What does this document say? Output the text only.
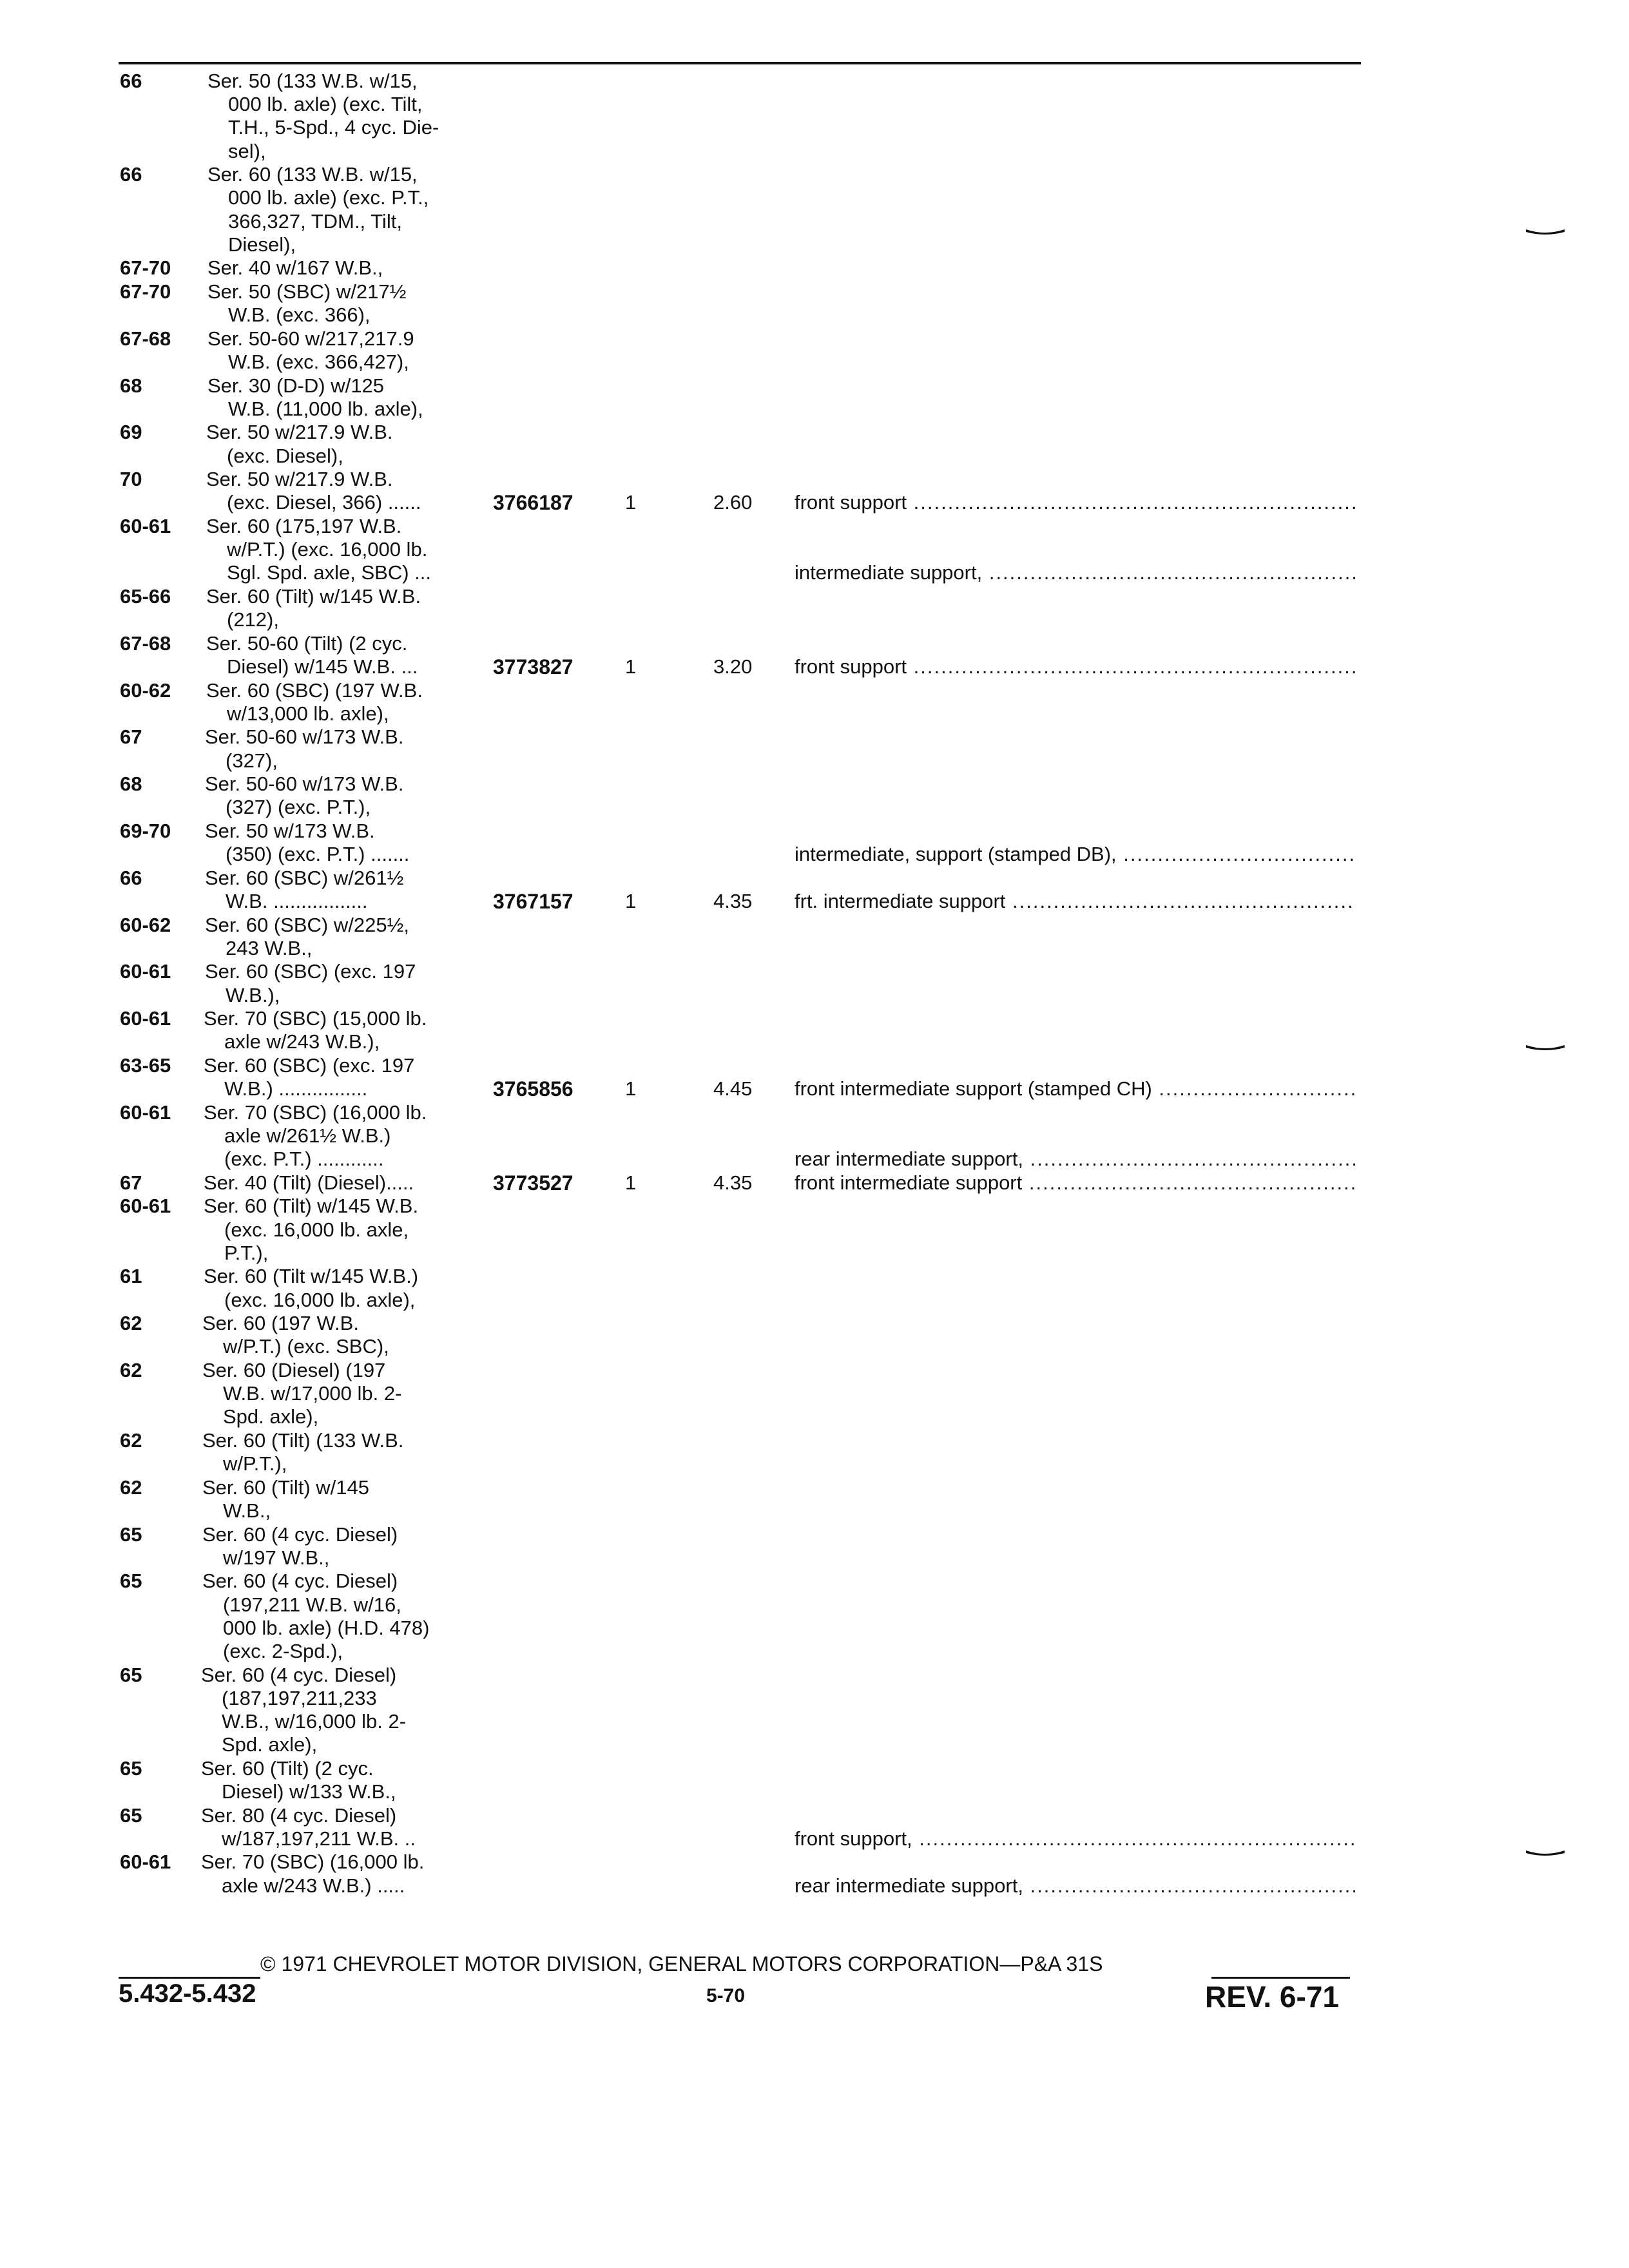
66	Ser. 50 (133 W.B. w/15,
000 lb. axle) (exc. Tilt,
T.H., 5-Spd., 4 cyc. Die-
sel),
66	Ser. 60 (133 W.B. w/15,
000 lb. axle) (exc. P.T.,
366,327, TDM., Tilt,
Diesel),
67-70	Ser. 40 w/167 W.B.,
67-70	Ser. 50 (SBC) w/217½
W.B. (exc. 366),
67-68	Ser. 50-60 w/217,217.9
W.B. (exc. 366,427),
68	Ser. 30 (D-D) w/125
W.B. (11,000 lb. axle),
69	Ser. 50 w/217.9 W.B.
(exc. Diesel),
70	Ser. 50 w/217.9 W.B.
(exc. Diesel, 366) ......	3766187	1	2.60 front support .....
60-61	Ser. 60 (175,197 W.B.
w/P.T.) (exc. 16,000 lb.
Sgl. Spd. axle, SBC) ...	intermediate support, .....
65-66	Ser. 60 (Tilt) w/145 W.B.
(212),
67-68	Ser. 50-60 (Tilt) (2 cyc.
Diesel) w/145 W.B. ...	3773827	1	3.20 front support .....
60-62	Ser. 60 (SBC) (197 W.B.
w/13,000 lb. axle),
67	Ser. 50-60 w/173 W.B.
(327),
68	Ser. 50-60 w/173 W.B.
(327) (exc. P.T.),
69-70	Ser. 50 w/173 W.B.
(350) (exc. P.T.) .......	intermediate, support (stamped DB), .....
66	Ser. 60 (SBC) w/261½
W.B. .................	3767157	1	4.35 frt. intermediate support .....
60-62	Ser. 60 (SBC) w/225½,
243 W.B.,
60-61	Ser. 60 (SBC) (exc. 197
W.B.),
60-61	Ser. 70 (SBC) (15,000 lb.
axle w/243 W.B.),
63-65	Ser. 60 (SBC) (exc. 197
W.B.) ................	3765856	1	4.45 front intermediate support (stamped CH) .....
60-61	Ser. 70 (SBC) (16,000 lb.
axle w/261½ W.B.)
(exc. P.T.) ............	rear intermediate support, .....
67	Ser. 40 (Tilt) (Diesel).....	3773527	1	4.35 front intermediate support .....
60-61	Ser. 60 (Tilt) w/145 W.B.
(exc. 16,000 lb. axle,
P.T.),
61	Ser. 60 (Tilt w/145 W.B.)
(exc. 16,000 lb. axle),
62	Ser. 60 (197 W.B.
w/P.T.) (exc. SBC),
62	Ser. 60 (Diesel) (197
W.B. w/17,000 lb. 2-
Spd. axle),
62	Ser. 60 (Tilt) (133 W.B.
w/P.T.),
62	Ser. 60 (Tilt) w/145
W.B.,
65	Ser. 60 (4 cyc. Diesel)
w/197 W.B.,
65	Ser. 60 (4 cyc. Diesel)
(197,211 W.B. w/16,
000 lb. axle) (H.D. 478)
(exc. 2-Spd.),
65	Ser. 60 (4 cyc. Diesel)
(187,197,211,233
W.B., w/16,000 lb. 2-
Spd. axle),
65	Ser. 60 (Tilt) (2 cyc.
Diesel) w/133 W.B.,
65	Ser. 80 (4 cyc. Diesel)
w/187,197,211 W.B. ..	front support, .....
60-61	Ser. 70 (SBC) (16,000 lb.
axle w/243 W.B.) .....	rear intermediate support, .....
© 1971 CHEVROLET MOTOR DIVISION, GENERAL MOTORS CORPORATION—P&A 31S
5.432-5.432	5-70	REV. 6-71
